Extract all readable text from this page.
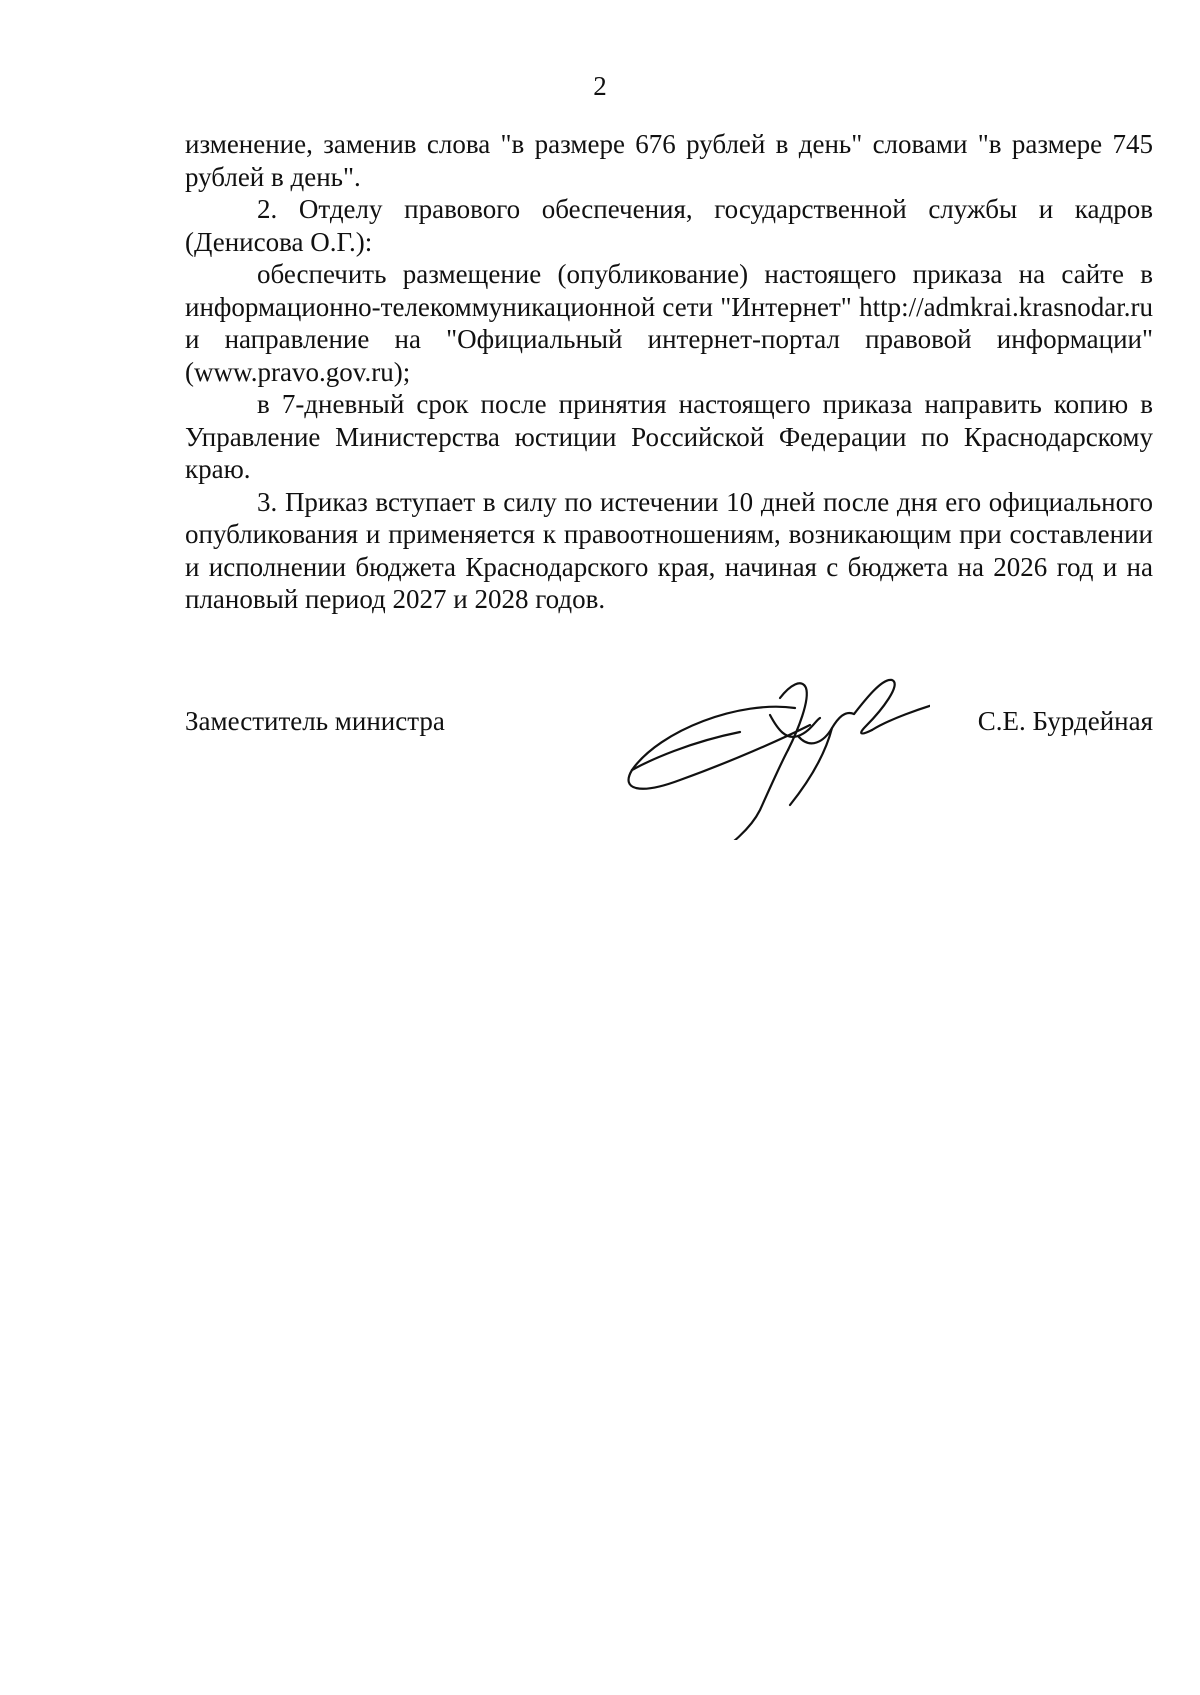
2

изменение, заменив слова "в размере 676 рублей в день" словами "в размере 745 рублей в день".

2. Отделу правового обеспечения, государственной службы и кадров (Денисова О.Г.):

обеспечить размещение (опубликование) настоящего приказа на сайте в информационно-телекоммуникационной сети "Интернет" http://admkrai.krasnodar.ru и направление на "Официальный интернет-портал правовой информации" (www.pravo.gov.ru);

в 7-дневный срок после принятия настоящего приказа направить копию в Управление Министерства юстиции Российской Федерации по Краснодарскому краю.

3. Приказ вступает в силу по истечении 10 дней после дня его официального опубликования и применяется к правоотношениям, возникающим при составлении и исполнении бюджета Краснодарского края, начиная с бюджета на 2026 год и на плановый период 2027 и 2028 годов.

Заместитель министра	С.Е. Бурдейная
